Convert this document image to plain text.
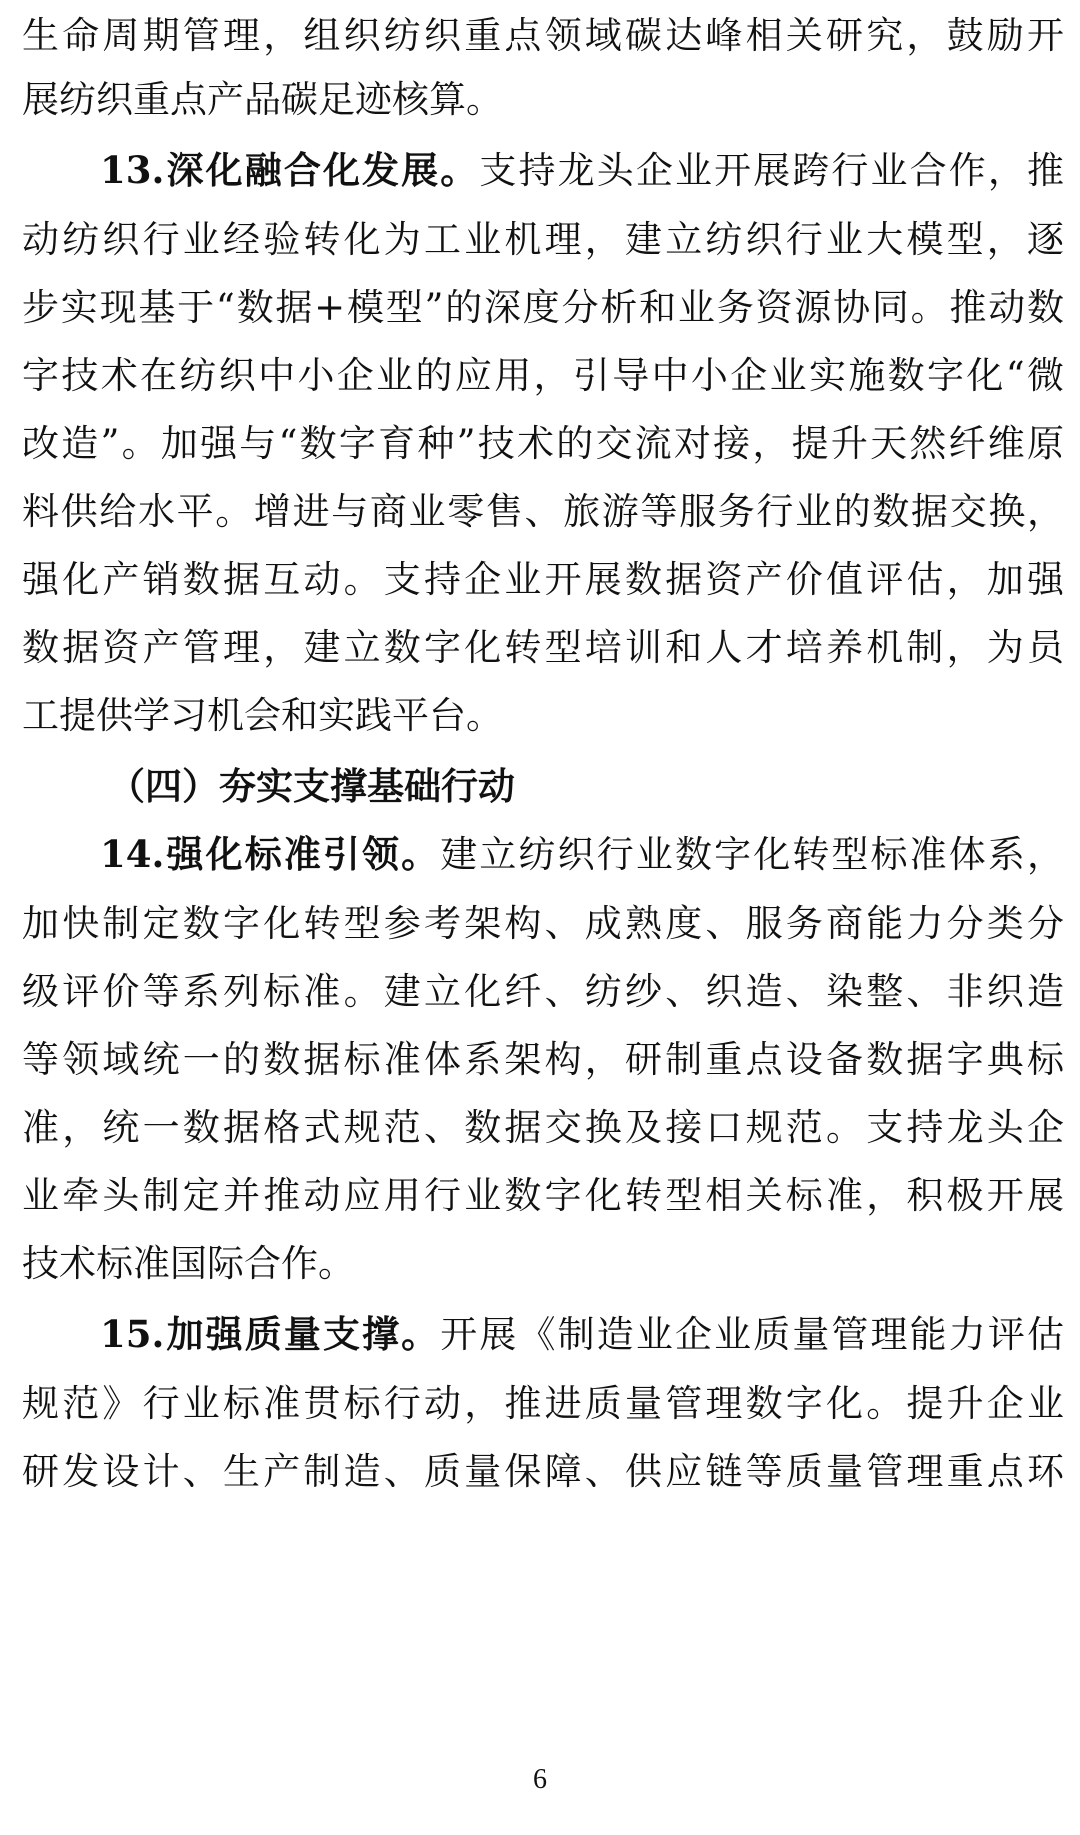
生命周期管理，组织纺织重点领域碳达峰相关研究，鼓励开
展纺织重点产品碳足迹核算。
13.深化融合化发展。支持龙头企业开展跨行业合作，推
动纺织行业经验转化为工业机理，建立纺织行业大模型，逐
步实现基于“数据+模型”的深度分析和业务资源协同。推动数
字技术在纺织中小企业的应用，引导中小企业实施数字化“微
改造”。加强与“数字育种”技术的交流对接，提升天然纤维原
料供给水平。增进与商业零售、旅游等服务行业的数据交换，
强化产销数据互动。支持企业开展数据资产价值评估，加强
数据资产管理，建立数字化转型培训和人才培养机制，为员
工提供学习机会和实践平台。
（四）夯实支撑基础行动
14.强化标准引领。建立纺织行业数字化转型标准体系，
加快制定数字化转型参考架构、成熟度、服务商能力分类分
级评价等系列标准。建立化纤、纺纱、织造、染整、非织造
等领域统一的数据标准体系架构，研制重点设备数据字典标
准，统一数据格式规范、数据交换及接口规范。支持龙头企
业牵头制定并推动应用行业数字化转型相关标准，积极开展
技术标准国际合作。
15.加强质量支撑。开展《制造业企业质量管理能力评估
规范》行业标准贯标行动，推进质量管理数字化。提升企业
研发设计、生产制造、质量保障、供应链等质量管理重点环
6
